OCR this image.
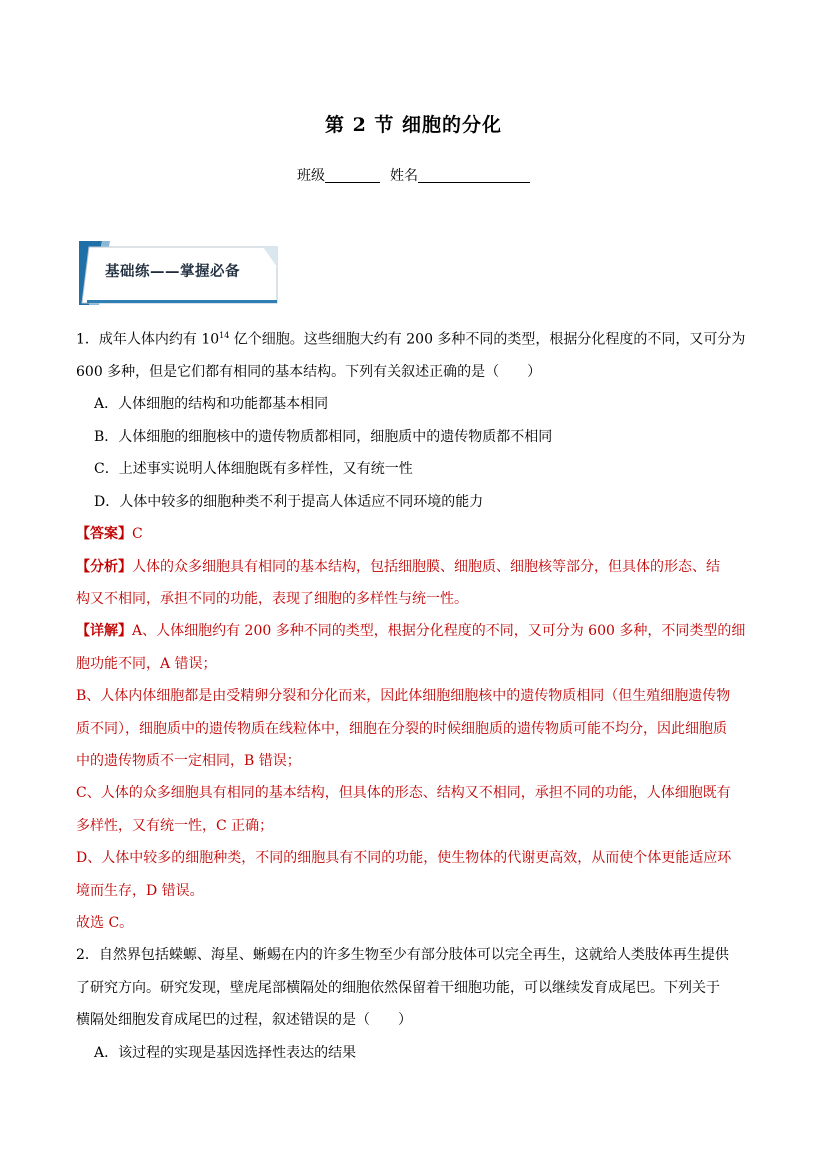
第 2 节 细胞的分化
班级	姓名
基础练——掌握必备

1．成年人体内约有 $10^{14}$ 亿个细胞。这些细胞大约有 200 多种不同的类型，根据分化程度的不同，又可分为

600 多种，但是它们都有相同的基本结构。下列有关叙述正确的是（　　）

A．人体细胞的结构和功能都基本相同

B．人体细胞的细胞核中的遗传物质都相同，细胞质中的遗传物质都不相同

C．上述事实说明人体细胞既有多样性，又有统一性

D．人体中较多的细胞种类不利于提高人体适应不同环境的能力

【答案】C

【分析】人体的众多细胞具有相同的基本结构，包括细胞膜、细胞质、细胞核等部分，但具体的形态、结

构又不相同，承担不同的功能，表现了细胞的多样性与统一性。

【详解】A、人体细胞约有 200 多种不同的类型，根据分化程度的不同，又可分为 600 多种，不同类型的细

胞功能不同，A 错误；

B、人体内体细胞都是由受精卵分裂和分化而来，因此体细胞细胞核中的遗传物质相同（但生殖细胞遗传物

质不同），细胞质中的遗传物质在线粒体中，细胞在分裂的时候细胞质的遗传物质可能不均分，因此细胞质

中的遗传物质不一定相同，B 错误；

C、人体的众多细胞具有相同的基本结构，但具体的形态、结构又不相同，承担不同的功能，人体细胞既有

多样性，又有统一性，C 正确；

D、人体中较多的细胞种类，不同的细胞具有不同的功能，使生物体的代谢更高效，从而使个体更能适应环

境而生存，D 错误。

故选 C。

2．自然界包括蝾螈、海星、蜥蜴在内的许多生物至少有部分肢体可以完全再生，这就给人类肢体再生提供

了研究方向。研究发现，壁虎尾部横隔处的细胞依然保留着干细胞功能，可以继续发育成尾巴。下列关于

横隔处细胞发育成尾巴的过程，叙述错误的是（　　）

A．该过程的实现是基因选择性表达的结果
